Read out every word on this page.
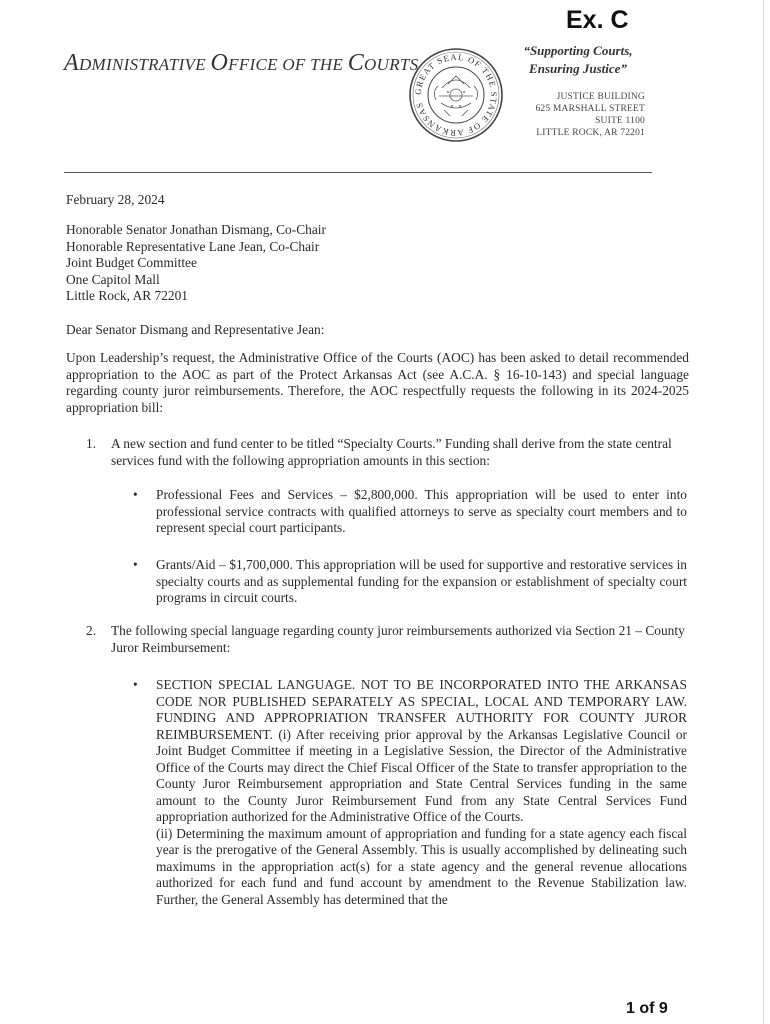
Ex. C
ADMINISTRATIVE OFFICE OF THE COURTS
GREAT SEAL OF THE STATE OF ARKANSAS
“Supporting Courts,
Ensuring Justice”
JUSTICE BUILDING
625 MARSHALL STREET
SUITE 1100
LITTLE ROCK, AR 72201
February 28, 2024
Honorable Senator Jonathan Dismang, Co-Chair
Honorable Representative Lane Jean, Co-Chair
Joint Budget Committee
One Capitol Mall
Little Rock, AR 72201
Dear Senator Dismang and Representative Jean:
Upon Leadership’s request, the Administrative Office of the Courts (AOC) has been asked to detail recommended appropriation to the AOC as part of the Protect Arkansas Act (see A.C.A. § 16-10-143) and special language regarding county juror reimbursements. Therefore, the AOC respectfully requests the following in its 2024-2025 appropriation bill:
1. A new section and fund center to be titled “Specialty Courts.” Funding shall derive from the state central services fund with the following appropriation amounts in this section:
• Professional Fees and Services – $2,800,000. This appropriation will be used to enter into professional service contracts with qualified attorneys to serve as specialty court members and to represent special court participants.
• Grants/Aid – $1,700,000. This appropriation will be used for supportive and restorative services in specialty courts and as supplemental funding for the expansion or establishment of specialty court programs in circuit courts.
2. The following special language regarding county juror reimbursements authorized via Section 21 – County Juror Reimbursement:
• SECTION SPECIAL LANGUAGE. NOT TO BE INCORPORATED INTO THE ARKANSAS CODE NOR PUBLISHED SEPARATELY AS SPECIAL, LOCAL AND TEMPORARY LAW. FUNDING AND APPROPRIATION TRANSFER AUTHORITY FOR COUNTY JUROR REIMBURSEMENT. (i) After receiving prior approval by the Arkansas Legislative Council or Joint Budget Committee if meeting in a Legislative Session, the Director of the Administrative Office of the Courts may direct the Chief Fiscal Officer of the State to transfer appropriation to the County Juror Reimbursement appropriation and State Central Services funding in the same amount to the County Juror Reimbursement Fund from any State Central Services Fund appropriation authorized for the Administrative Office of the Courts.
(ii) Determining the maximum amount of appropriation and funding for a state agency each fiscal year is the prerogative of the General Assembly. This is usually accomplished by delineating such maximums in the appropriation act(s) for a state agency and the general revenue allocations authorized for each fund and fund account by amendment to the Revenue Stabilization law. Further, the General Assembly has determined that the
1 of 9
